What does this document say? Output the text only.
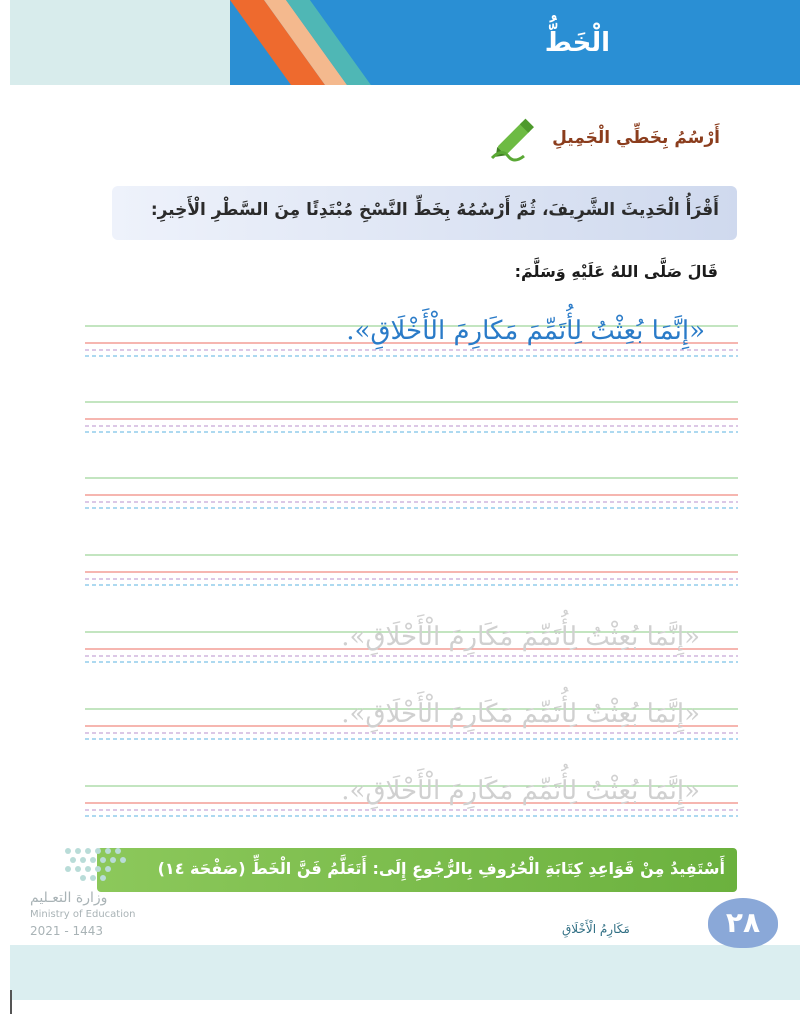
الْخَطُّ
أَرْسُمُ بِخَطِّي الْجَمِيلِ
أَقْرَأُ الْحَدِيثَ الشَّرِيفَ، ثُمَّ أَرْسُمُهُ بِخَطِّ النَّسْخِ مُبْتَدِئًا مِنَ السَّطْرِ الْأَخِيرِ:
قَالَ صَلَّى اللهُ عَلَيْهِ وَسَلَّمَ:
«إِنَّمَا بُعِثْتُ لِأُتَمِّمَ مَكَارِمَ الْأَخْلَاقِ».
«إِنَّمَا بُعِثْتُ لِأُتَمِّمَ مَكَارِمَ الْأَخْلَاقِ».
«إِنَّمَا بُعِثْتُ لِأُتَمِّمَ مَكَارِمَ الْأَخْلَاقِ».
«إِنَّمَا بُعِثْتُ لِأُتَمِّمَ مَكَارِمَ الْأَخْلَاقِ».
أَسْتَفِيدُ مِنْ قَوَاعِدِ كِتَابَةِ الْحُرُوفِ بِالرُّجُوعِ إِلَى: أَتَعَلَّمُ فَنَّ الْخَطِّ (صَفْحَة ١٤)
وزارة التعـليم
Ministry of Education
2021 - 1443	مَكَارِمُ الْأَخْلَاقِ	٢٨
